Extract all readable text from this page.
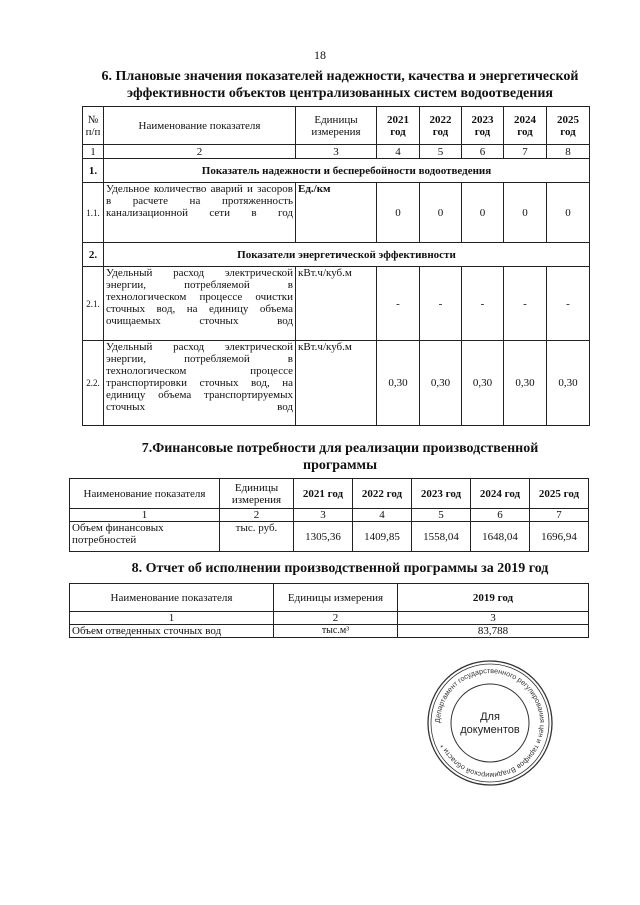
18
6. Плановые значения показателей надежности, качества и энергетической
эффективности объектов централизованных систем водоотведения
№ п/п	Наименование показателя	Единицы измерения	2021 год	2022 год	2023 год	2024 год	2025 год
1	2	3	4	5	6	7	8
1.	Показатель надежности и бесперебойности водоотведения						
1.1.	Удельное количество аварий и засоров в расчете на протяженность канализационной сети в год	Ед./км	0	0	0	0	0
2.	Показатели энергетической эффективности						
2.1.	Удельный расход электрической энергии, потребляемой в технологическом процессе очистки сточных вод, на единицу объема очищаемых сточных вод	кВт.ч/куб.м	-	-	-	-	-
2.2.	Удельный расход электрической энергии, потребляемой в технологическом процессе транспортировки сточных вод, на единицу объема транспортируемых сточных вод	кВт.ч/куб.м	0,30	0,30	0,30	0,30	0,30
7.Финансовые потребности для реализации производственной
программы
Наименование показателя	Единицы измерения	2021 год	2022 год	2023 год	2024 год	2025 год
1	2	3	4	5	6	7
Объем финансовых потребностей	тыс. руб.	1305,36	1409,85	1558,04	1648,04	1696,94
8. Отчет об исполнении производственной программы за 2019 год
Наименование показателя	Единицы измерения	2019 год
1	2	3
Объем отведенных сточных вод	тыс.м³	83,788
Департамент государственного регулирования цен и тарифов Владимирской области *
Для
документов
